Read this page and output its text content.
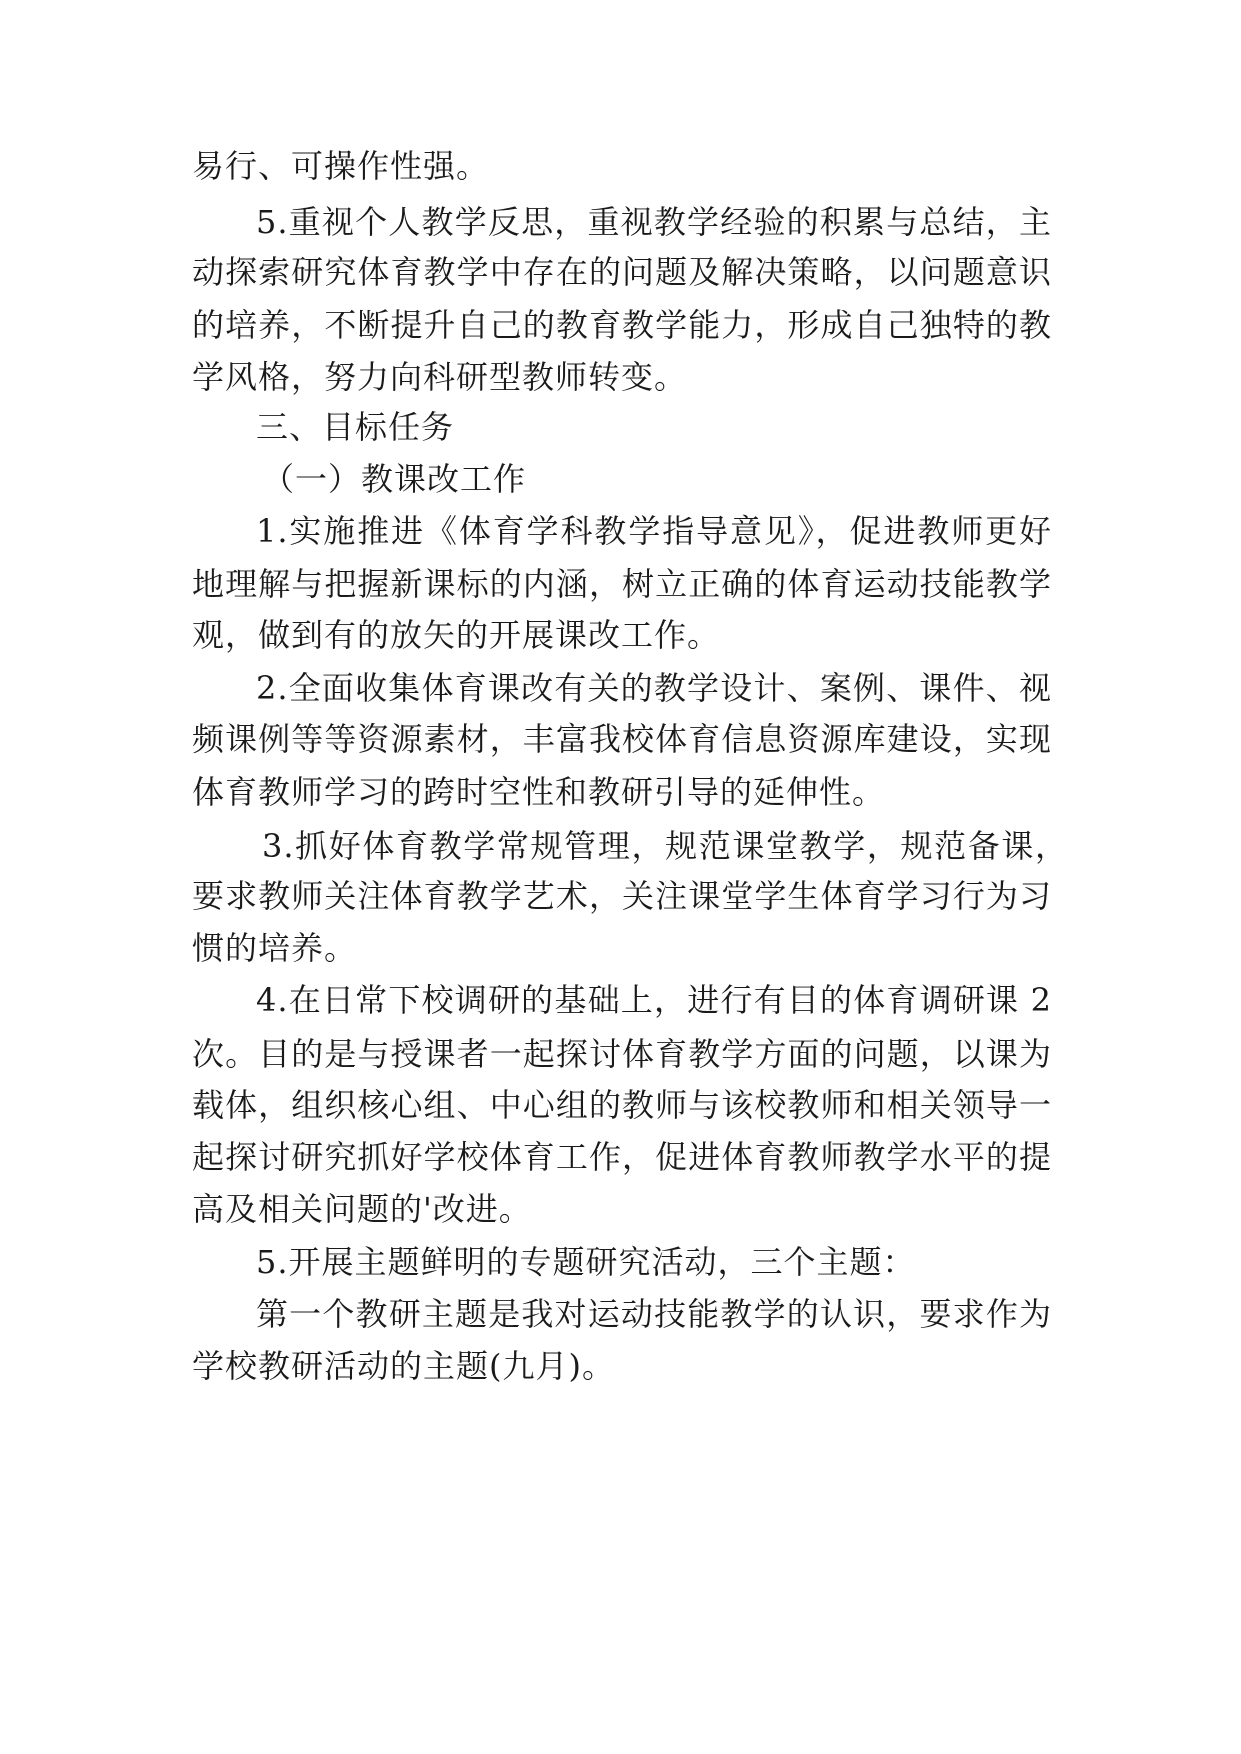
易行、可操作性强。
5.重视个人教学反思，重视教学经验的积累与总结，主
动探索研究体育教学中存在的问题及解决策略，以问题意识
的培养，不断提升自己的教育教学能力，形成自己独特的教
学风格，努力向科研型教师转变。
三、目标任务
（一）教课改工作
1.实施推进《体育学科教学指导意见》，促进教师更好
地理解与把握新课标的内涵，树立正确的体育运动技能教学
观，做到有的放矢的开展课改工作。
2.全面收集体育课改有关的教学设计、案例、课件、视
频课例等等资源素材，丰富我校体育信息资源库建设，实现
体育教师学习的跨时空性和教研引导的延伸性。
3.抓好体育教学常规管理，规范课堂教学，规范备课，
要求教师关注体育教学艺术，关注课堂学生体育学习行为习
惯的培养。
4.在日常下校调研的基础上，进行有目的体育调研课 2
次。目的是与授课者一起探讨体育教学方面的问题，以课为
载体，组织核心组、中心组的教师与该校教师和相关领导一
起探讨研究抓好学校体育工作，促进体育教师教学水平的提
高及相关问题的'改进。
5.开展主题鲜明的专题研究活动，三个主题：
第一个教研主题是我对运动技能教学的认识，要求作为
学校教研活动的主题(九月)。
